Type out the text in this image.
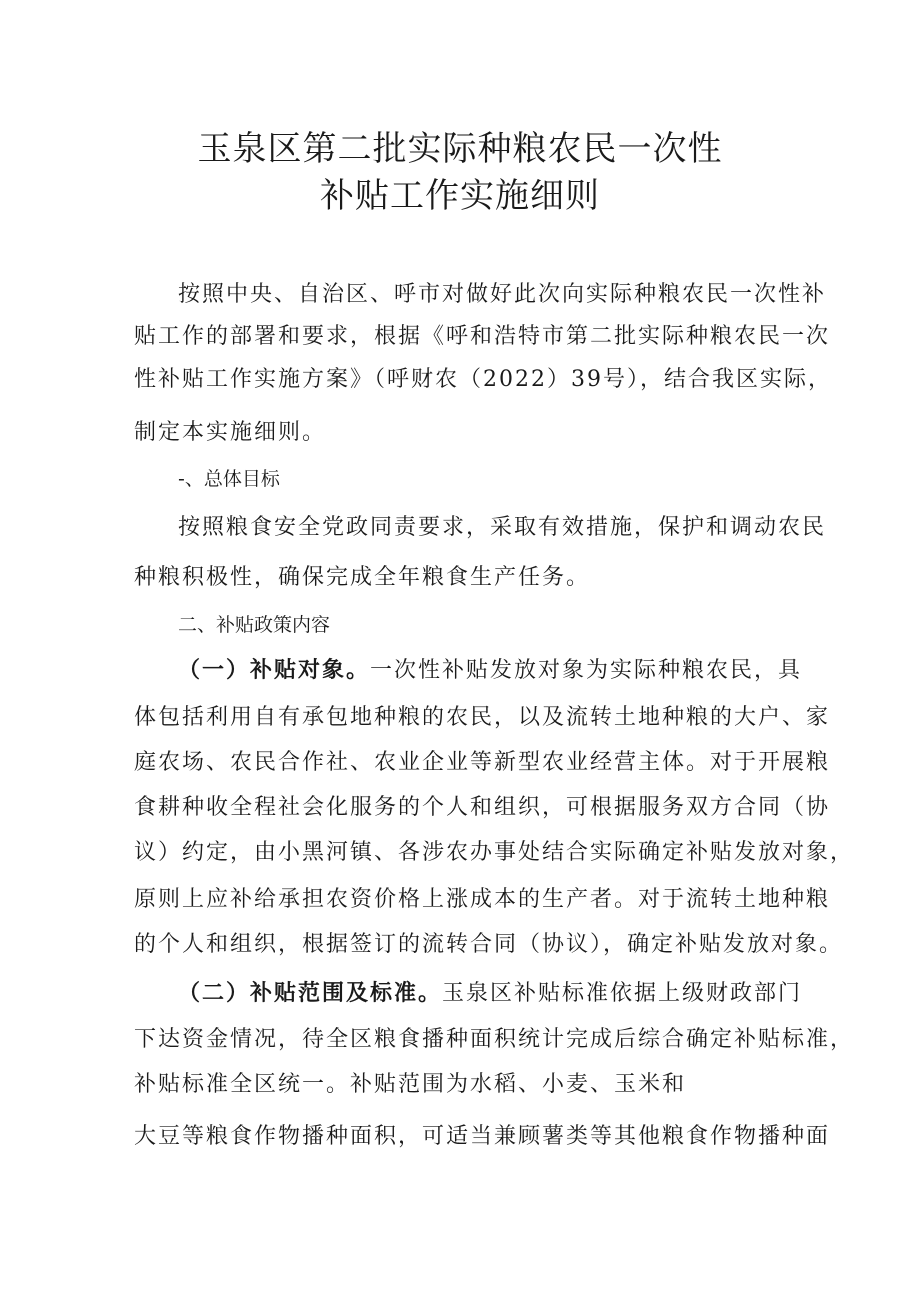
玉泉区第二批实际种粮农民一次性
补贴工作实施细则
按照中央、自治区、呼市对做好此次向实际种粮农民一次性补
贴工作的部署和要求，根据《呼和浩特市第二批实际种粮农民一次
性补贴工作实施方案》（呼财农（2022）39号），结合我区实际，
制定本实施细则。
-、总体目标
按照粮食安全党政同责要求，采取有效措施，保护和调动农民
种粮积极性，确保完成全年粮食生产任务。
二、补贴政策内容
（一）补贴对象。一次性补贴发放对象为实际种粮农民，具
体包括利用自有承包地种粮的农民，以及流转土地种粮的大户、家
庭农场、农民合作社、农业企业等新型农业经营主体。对于开展粮
食耕种收全程社会化服务的个人和组织，可根据服务双方合同（协
议）约定，由小黑河镇、各涉农办事处结合实际确定补贴发放对象，
原则上应补给承担农资价格上涨成本的生产者。对于流转土地种粮
的个人和组织，根据签订的流转合同（协议），确定补贴发放对象。
（二）补贴范围及标准。玉泉区补贴标准依据上级财政部门
下达资金情况，待全区粮食播种面积统计完成后综合确定补贴标准，
补贴标准全区统一。补贴范围为水稻、小麦、玉米和
大豆等粮食作物播种面积，可适当兼顾薯类等其他粮食作物播种面
